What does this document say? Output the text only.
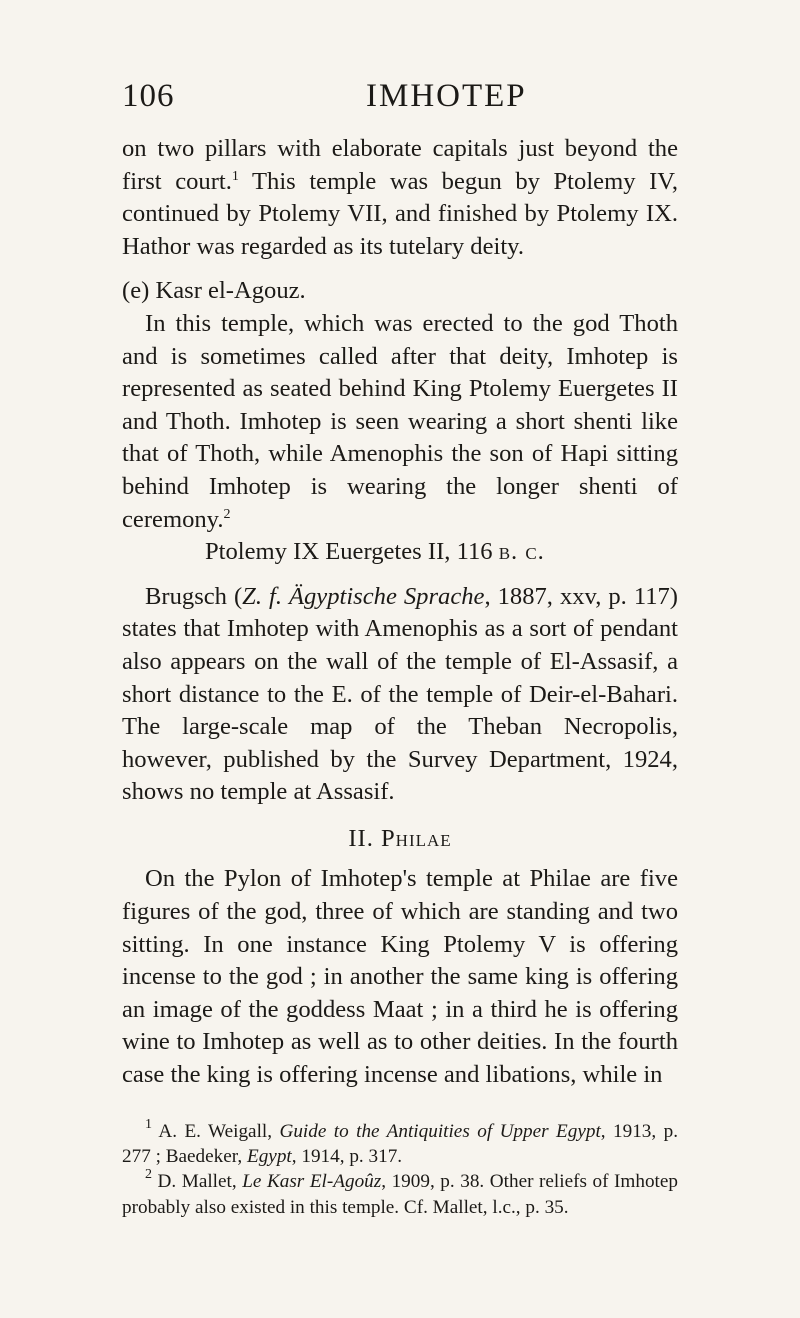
106	IMHOTEP

on two pillars with elaborate capitals just beyond the first court.$^1$ This temple was begun by Ptolemy IV, continued by Ptolemy VII, and finished by Ptolemy IX. Hathor was regarded as its tutelary deity.

(e) Kasr el-Agouz.

In this temple, which was erected to the god Thoth and is sometimes called after that deity, Imhotep is represented as seated behind King Ptolemy Euergetes II and Thoth. Imhotep is seen wearing a short shenti like that of Thoth, while Amenophis the son of Hapi sitting behind Imhotep is wearing the longer shenti of ceremony.$^2$

Ptolemy IX Euergetes II, 116 b. c.

Brugsch (Z. f. Ägyptische Sprache, 1887, xxv, p. 117) states that Imhotep with Amenophis as a sort of pendant also appears on the wall of the temple of El-Assasif, a short distance to the E. of the temple of Deir-el-Bahari. The large-scale map of the Theban Necropolis, however, published by the Survey Department, 1924, shows no temple at Assasif.

II. Philae

On the Pylon of Imhotep's temple at Philae are five figures of the god, three of which are standing and two sitting. In one instance King Ptolemy V is offering incense to the god ; in another the same king is offering an image of the goddess Maat ; in a third he is offering wine to Imhotep as well as to other deities. In the fourth case the king is offering incense and libations, while in

$^1$ A. E. Weigall, Guide to the Antiquities of Upper Egypt, 1913, p. 277 ; Baedeker, Egypt, 1914, p. 317.

$^2$ D. Mallet, Le Kasr El-Agoûz, 1909, p. 38. Other reliefs of Imhotep probably also existed in this temple. Cf. Mallet, l.c., p. 35.
